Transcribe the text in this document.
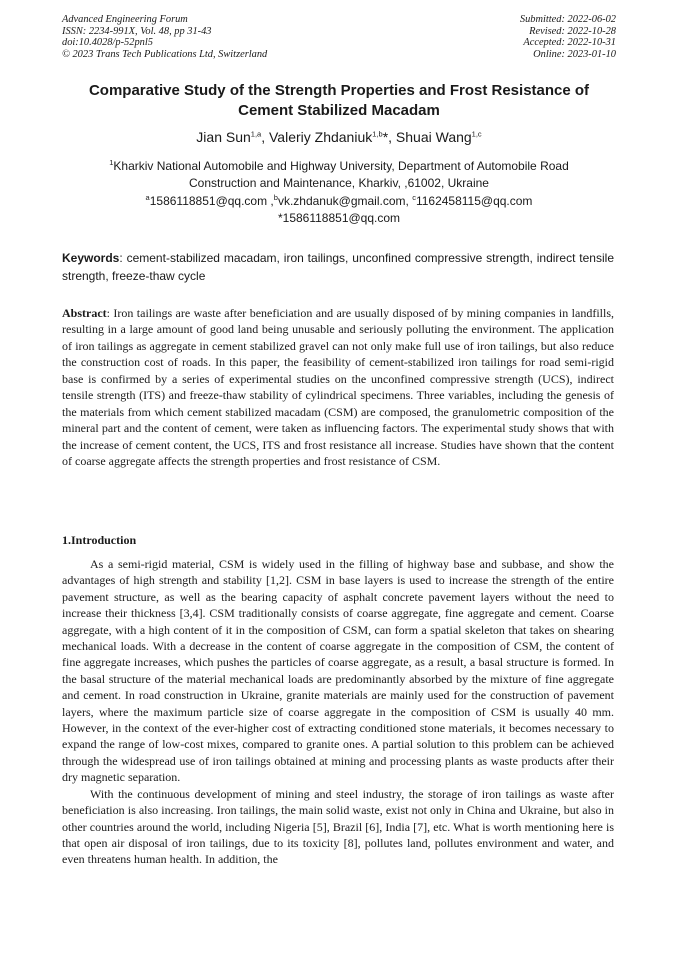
Advanced Engineering Forum
ISSN: 2234-991X, Vol. 48, pp 31-43
doi:10.4028/p-52pnl5
© 2023 Trans Tech Publications Ltd, Switzerland
Submitted: 2022-06-02
Revised: 2022-10-28
Accepted: 2022-10-31
Online: 2023-01-10
Comparative Study of the Strength Properties and Frost Resistance of Cement Stabilized Macadam
Jian Sun$^{1,a}$, Valeriy Zhdaniuk$^{1,b}$*, Shuai Wang$^{1,c}$
$^1$Kharkiv National Automobile and Highway University, Department of Automobile Road
Construction and Maintenance, Kharkiv, ,61002, Ukraine
$^a$1586118851@qq.com ,$^b$vk.zhdanuk@gmail.com, $^c$1162458115@qq.com
*1586118851@qq.com
Keywords: cement-stabilized macadam, iron tailings, unconfined compressive strength, indirect tensile strength, freeze-thaw cycle
Abstract: Iron tailings are waste after beneficiation and are usually disposed of by mining companies in landfills, resulting in a large amount of good land being unusable and seriously polluting the environment. The application of iron tailings as aggregate in cement stabilized gravel can not only make full use of iron tailings, but also reduce the construction cost of roads. In this paper, the feasibility of cement-stabilized iron tailings for road semi-rigid base is confirmed by a series of experimental studies on the unconfined compressive strength (UCS), indirect tensile strength (ITS) and freeze-thaw stability of cylindrical specimens. Three variables, including the genesis of the materials from which cement stabilized macadam (CSM) are composed, the granulometric composition of the mineral part and the content of cement, were taken as influencing factors. The experimental study shows that with the increase of cement content, the UCS, ITS and frost resistance all increase. Studies have shown that the content of coarse aggregate affects the strength properties and frost resistance of CSM.
1.Introduction

As a semi-rigid material, CSM is widely used in the filling of highway base and subbase, and show the advantages of high strength and stability [1,2]. CSM in base layers is used to increase the strength of the entire pavement structure, as well as the bearing capacity of asphalt concrete pavement layers without the need to increase their thickness [3,4]. CSM traditionally consists of coarse aggregate, fine aggregate and cement. Coarse aggregate, with a high content of it in the composition of CSM, can form a spatial skeleton that takes on shearing mechanical loads. With a decrease in the content of coarse aggregate in the composition of CSM, the content of fine aggregate increases, which pushes the particles of coarse aggregate, as a result, a basal structure is formed. In the basal structure of the material mechanical loads are predominantly absorbed by the mixture of fine aggregate and cement. In road construction in Ukraine, granite materials are mainly used for the construction of pavement layers, where the maximum particle size of coarse aggregate in the composition of CSM is usually 40 mm. However, in the context of the ever-higher cost of extracting conditioned stone materials, it becomes necessary to expand the range of low-cost mixes, compared to granite ones. A partial solution to this problem can be achieved through the widespread use of iron tailings obtained at mining and processing plants as waste products after their dry magnetic separation.

With the continuous development of mining and steel industry, the storage of iron tailings as waste after beneficiation is also increasing. Iron tailings, the main solid waste, exist not only in China and Ukraine, but also in other countries around the world, including Nigeria [5], Brazil [6], India [7], etc. What is worth mentioning here is that open air disposal of iron tailings, due to its toxicity [8], pollutes land, pollutes environment and water, and even threatens human health. In addition, the
